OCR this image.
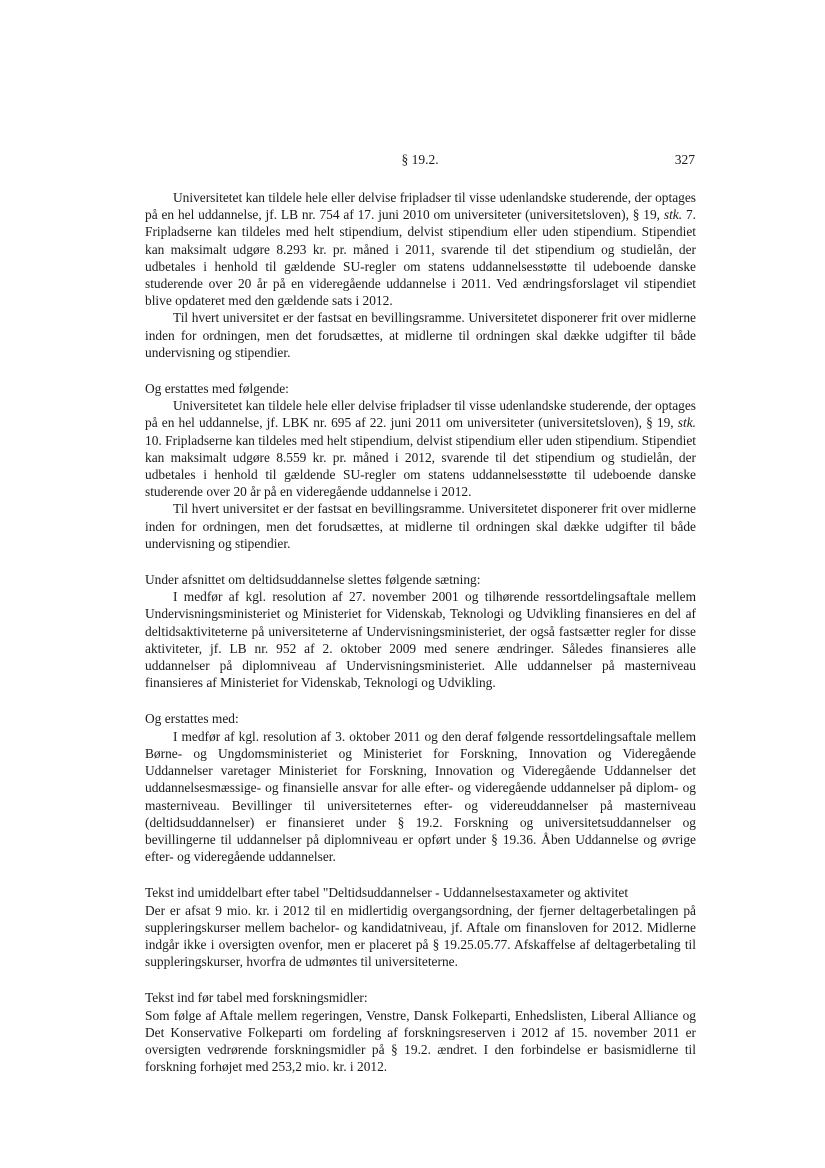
§ 19.2.	327

Universitetet kan tildele hele eller delvise fripladser til visse udenlandske studerende, der optages på en hel uddannelse, jf. LB nr. 754 af 17. juni 2010 om universiteter (universitetsloven), § 19, stk. 7. Fripladserne kan tildeles med helt stipendium, delvist stipendium eller uden stipendium. Stipendiet kan maksimalt udgøre 8.293 kr. pr. måned i 2011, svarende til det stipendium og studielån, der udbetales i henhold til gældende SU-regler om statens uddannelsesstøtte til udeboende danske studerende over 20 år på en videregående uddannelse i 2011. Ved ændringsforslaget vil stipendiet blive opdateret med den gældende sats i 2012.

Til hvert universitet er der fastsat en bevillingsramme. Universitetet disponerer frit over midlerne inden for ordningen, men det forudsættes, at midlerne til ordningen skal dække udgifter til både undervisning og stipendier.

Og erstattes med følgende:

Universitetet kan tildele hele eller delvise fripladser til visse udenlandske studerende, der optages på en hel uddannelse, jf. LBK nr. 695 af 22. juni 2011 om universiteter (universitetsloven), § 19, stk. 10. Fripladserne kan tildeles med helt stipendium, delvist stipendium eller uden stipendium. Stipendiet kan maksimalt udgøre 8.559 kr. pr. måned i 2012, svarende til det stipendium og studielån, der udbetales i henhold til gældende SU-regler om statens uddannelsesstøtte til udeboende danske studerende over 20 år på en videregående uddannelse i 2012.

Til hvert universitet er der fastsat en bevillingsramme. Universitetet disponerer frit over midlerne inden for ordningen, men det forudsættes, at midlerne til ordningen skal dække udgifter til både undervisning og stipendier.

Under afsnittet om deltidsuddannelse slettes følgende sætning:

I medfør af kgl. resolution af 27. november 2001 og tilhørende ressortdelingsaftale mellem Undervisningsministeriet og Ministeriet for Videnskab, Teknologi og Udvikling finansieres en del af deltidsaktiviteterne på universiteterne af Undervisningsministeriet, der også fastsætter regler for disse aktiviteter, jf. LB nr. 952 af 2. oktober 2009 med senere ændringer. Således finansieres alle uddannelser på diplomniveau af Undervisningsministeriet. Alle uddannelser på masterniveau finansieres af Ministeriet for Videnskab, Teknologi og Udvikling.

Og erstattes med:

I medfør af kgl. resolution af 3. oktober 2011 og den deraf følgende ressortdelingsaftale mellem Børne- og Ungdomsministeriet og Ministeriet for Forskning, Innovation og Videregående Uddannelser varetager Ministeriet for Forskning, Innovation og Videregående Uddannelser det uddannelsesmæssige- og finansielle ansvar for alle efter- og videregående uddannelser på diplom- og masterniveau. Bevillinger til universiteternes efter- og videreuddannelser på masterniveau (deltidsuddannelser) er finansieret under § 19.2. Forskning og universitetsuddannelser og bevillingerne til uddannelser på diplomniveau er opført under § 19.36. Åben Uddannelse og øvrige efter- og videregående uddannelser.

Tekst ind umiddelbart efter tabel "Deltidsuddannelser - Uddannelsestaxameter og aktivitet

Der er afsat 9 mio. kr. i 2012 til en midlertidig overgangsordning, der fjerner deltagerbetalingen på suppleringskurser mellem bachelor- og kandidatniveau, jf. Aftale om finansloven for 2012. Midlerne indgår ikke i oversigten ovenfor, men er placeret på § 19.25.05.77. Afskaffelse af deltagerbetaling til suppleringskurser, hvorfra de udmøntes til universiteterne.

Tekst ind før tabel med forskningsmidler:

Som følge af Aftale mellem regeringen, Venstre, Dansk Folkeparti, Enhedslisten, Liberal Alliance og Det Konservative Folkeparti om fordeling af forskningsreserven i 2012 af 15. november 2011 er oversigten vedrørende forskningsmidler på § 19.2. ændret. I den forbindelse er basismidlerne til forskning forhøjet med 253,2 mio. kr. i 2012.
